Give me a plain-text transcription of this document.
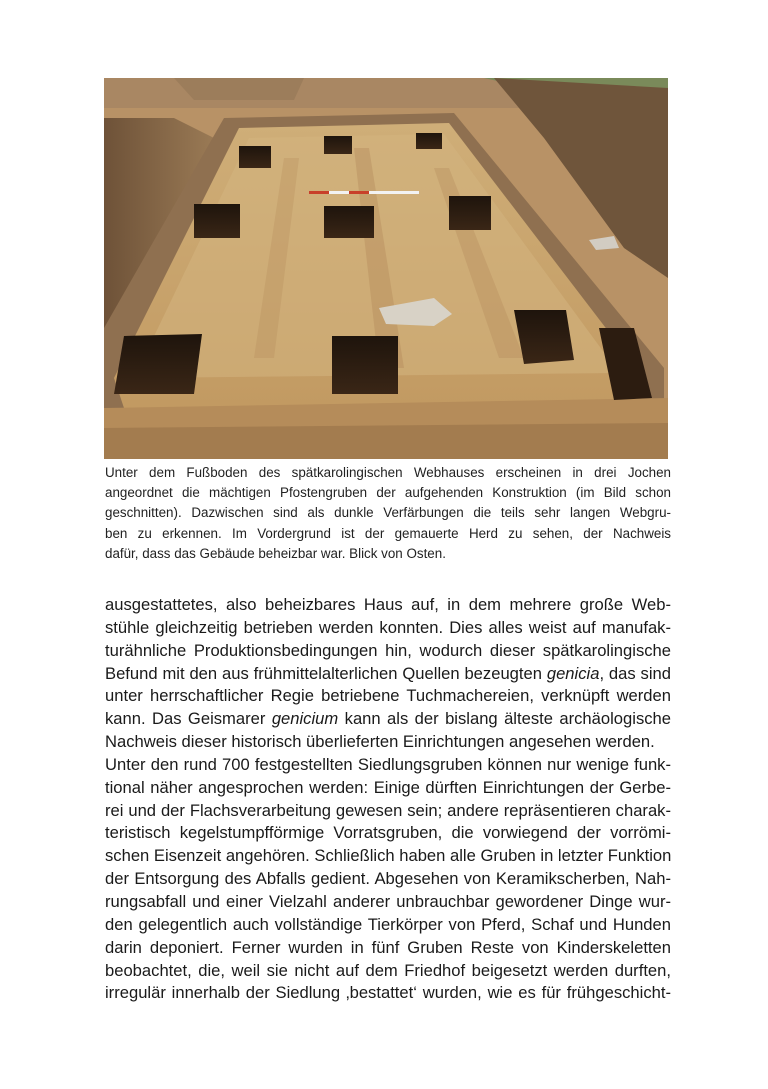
Unter dem Fußboden des spätkarolingischen Webhauses erscheinen in drei Jochen
angeordnet die mächtigen Pfostengruben der aufgehenden Konstruktion (im Bild schon
geschnitten). Dazwischen sind als dunkle Verfärbungen die teils sehr langen Webgru-
ben zu erkennen. Im Vordergrund ist der gemauerte Herd zu sehen, der Nachweis
dafür, dass das Gebäude beheizbar war. Blick von Osten.
ausgestattetes, also beheizbares Haus auf, in dem mehrere große Web-
stühle gleichzeitig betrieben werden konnten. Dies alles weist auf manufak-
turähnliche Produktionsbedingungen hin, wodurch dieser spätkarolingische
Befund mit den aus frühmittelalterlichen Quellen bezeugten genicia, das sind
unter herrschaftlicher Regie betriebene Tuchmachereien, verknüpft werden
kann. Das Geismarer genicium kann als der bislang älteste archäologische
Nachweis dieser historisch überlieferten Einrichtungen angesehen werden.
Unter den rund 700 festgestellten Siedlungsgruben können nur wenige funk-
tional näher angesprochen werden: Einige dürften Einrichtungen der Gerbe-
rei und der Flachsverarbeitung gewesen sein; andere repräsentieren charak-
teristisch kegelstumpfförmige Vorratsgruben, die vorwiegend der vorrömi-
schen Eisenzeit angehören. Schließlich haben alle Gruben in letzter Funktion
der Entsorgung des Abfalls gedient. Abgesehen von Keramikscherben, Nah-
rungsabfall und einer Vielzahl anderer unbrauchbar gewordener Dinge wur-
den gelegentlich auch vollständige Tierkörper von Pferd, Schaf und Hunden
darin deponiert. Ferner wurden in fünf Gruben Reste von Kinderskeletten
beobachtet, die, weil sie nicht auf dem Friedhof beigesetzt werden durften,
irregulär innerhalb der Siedlung ‚bestattet‘ wurden, wie es für frühgeschicht-
